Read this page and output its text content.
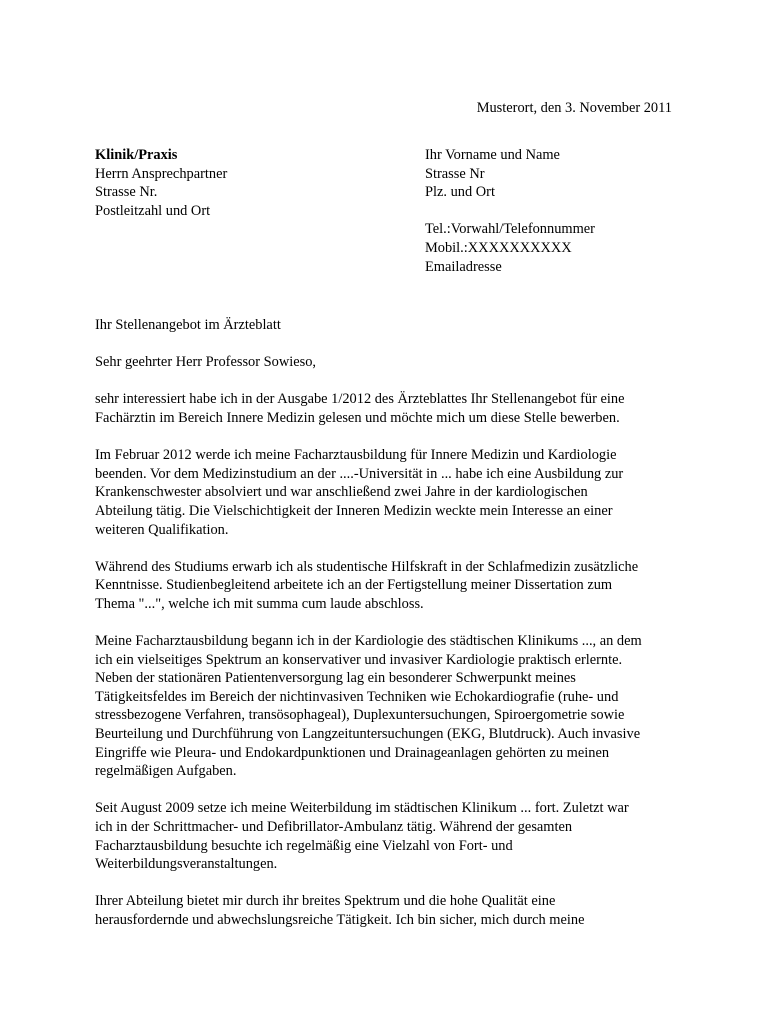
Musterort, den 3. November 2011
Klinik/Praxis
Herrn Ansprechpartner
Strasse Nr.
Postleitzahl und Ort
Ihr Vorname und Name
Strasse Nr
Plz. und Ort
Tel.:Vorwahl/Telefonnummer
Mobil.:XXXXXXXXXX
Emailadresse

Ihr Stellenangebot im Ärzteblatt

Sehr geehrter Herr Professor Sowieso,

sehr interessiert habe ich in der Ausgabe 1/2012 des Ärzteblattes Ihr Stellenangebot für eine
Fachärztin im Bereich Innere Medizin gelesen und möchte mich um diese Stelle bewerben.

Im Februar 2012 werde ich meine Facharztausbildung für Innere Medizin und Kardiologie
beenden. Vor dem Medizinstudium an der ....-Universität in ... habe ich eine Ausbildung zur
Krankenschwester absolviert und war anschließend zwei Jahre in der kardiologischen
Abteilung tätig. Die Vielschichtigkeit der Inneren Medizin weckte mein Interesse an einer
weiteren Qualifikation.

Während des Studiums erwarb ich als studentische Hilfskraft in der Schlafmedizin zusätzliche
Kenntnisse. Studienbegleitend arbeitete ich an der Fertigstellung meiner Dissertation zum
Thema "...", welche ich mit summa cum laude abschloss.

Meine Facharztausbildung begann ich in der Kardiologie des städtischen Klinikums ..., an dem
ich ein vielseitiges Spektrum an konservativer und invasiver Kardiologie praktisch erlernte.
Neben der stationären Patientenversorgung lag ein besonderer Schwerpunkt meines
Tätigkeitsfeldes im Bereich der nichtinvasiven Techniken wie Echokardiografie (ruhe- und
stressbezogene Verfahren, transösophageal), Duplexuntersuchungen, Spiroergometrie sowie
Beurteilung und Durchführung von Langzeituntersuchungen (EKG, Blutdruck). Auch invasive
Eingriffe wie Pleura- und Endokardpunktionen und Drainageanlagen gehörten zu meinen
regelmäßigen Aufgaben.

Seit August 2009 setze ich meine Weiterbildung im städtischen Klinikum ... fort. Zuletzt war
ich in der Schrittmacher- und Defibrillator-Ambulanz tätig. Während der gesamten
Facharztausbildung besuchte ich regelmäßig eine Vielzahl von Fort- und
Weiterbildungsveranstaltungen.

Ihrer Abteilung bietet mir durch ihr breites Spektrum und die hohe Qualität eine
herausfordernde und abwechslungsreiche Tätigkeit. Ich bin sicher, mich durch meine
